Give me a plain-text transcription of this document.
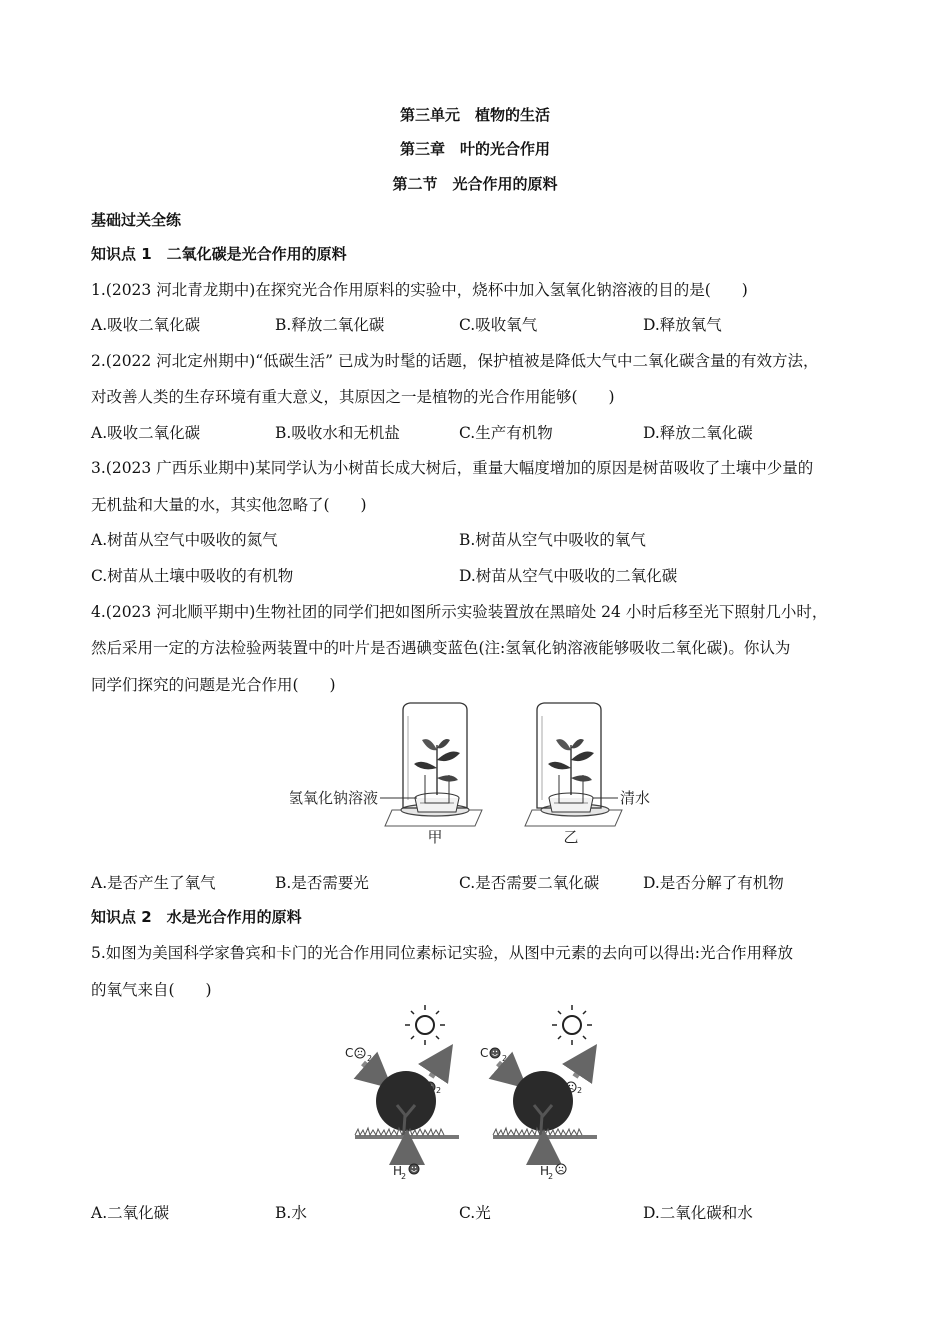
第三单元　植物的生活
第三章　叶的光合作用
第二节　光合作用的原料
基础过关全练
知识点 1　二氧化碳是光合作用的原料
1.(2023 河北青龙期中)在探究光合作用原料的实验中，烧杯中加入氢氧化钠溶液的目的是(　　)
A.吸收二氧化碳	B.释放二氧化碳	C.吸收氧气	D.释放氧气
2.(2022 河北定州期中)“低碳生活” 已成为时髦的话题，保护植被是降低大气中二氧化碳含量的有效方法，
对改善人类的生存环境有重大意义，其原因之一是植物的光合作用能够(　　)
A.吸收二氧化碳	B.吸收水和无机盐	C.生产有机物	D.释放二氧化碳
3.(2023 广西乐业期中)某同学认为小树苗长成大树后，重量大幅度增加的原因是树苗吸收了土壤中少量的
无机盐和大量的水，其实他忽略了(　　)
A.树苗从空气中吸收的氮气	B.树苗从空气中吸收的氧气
C.树苗从土壤中吸收的有机物	D.树苗从空气中吸收的二氧化碳
4.(2023 河北顺平期中)生物社团的同学们把如图所示实验装置放在黑暗处 24 小时后移至光下照射几小时，
然后采用一定的方法检验两装置中的叶片是否遇碘变蓝色(注:氢氧化钠溶液能够吸收二氧化碳)。你认为
同学们探究的问题是光合作用(　　)
氢氧化钠溶液
甲
清水
乙
A.是否产生了氧气	B.是否需要光	C.是否需要二氧化碳	D.是否分解了有机物
知识点 2　水是光合作用的原料
5.如图为美国科学家鲁宾和卡门的光合作用同位素标记实验，从图中元素的去向可以得出:光合作用释放
的氧气来自(　　)
C 2
2
H
2
C 2
2
H
2
A.二氧化碳	B.水	C.光	D.二氧化碳和水
